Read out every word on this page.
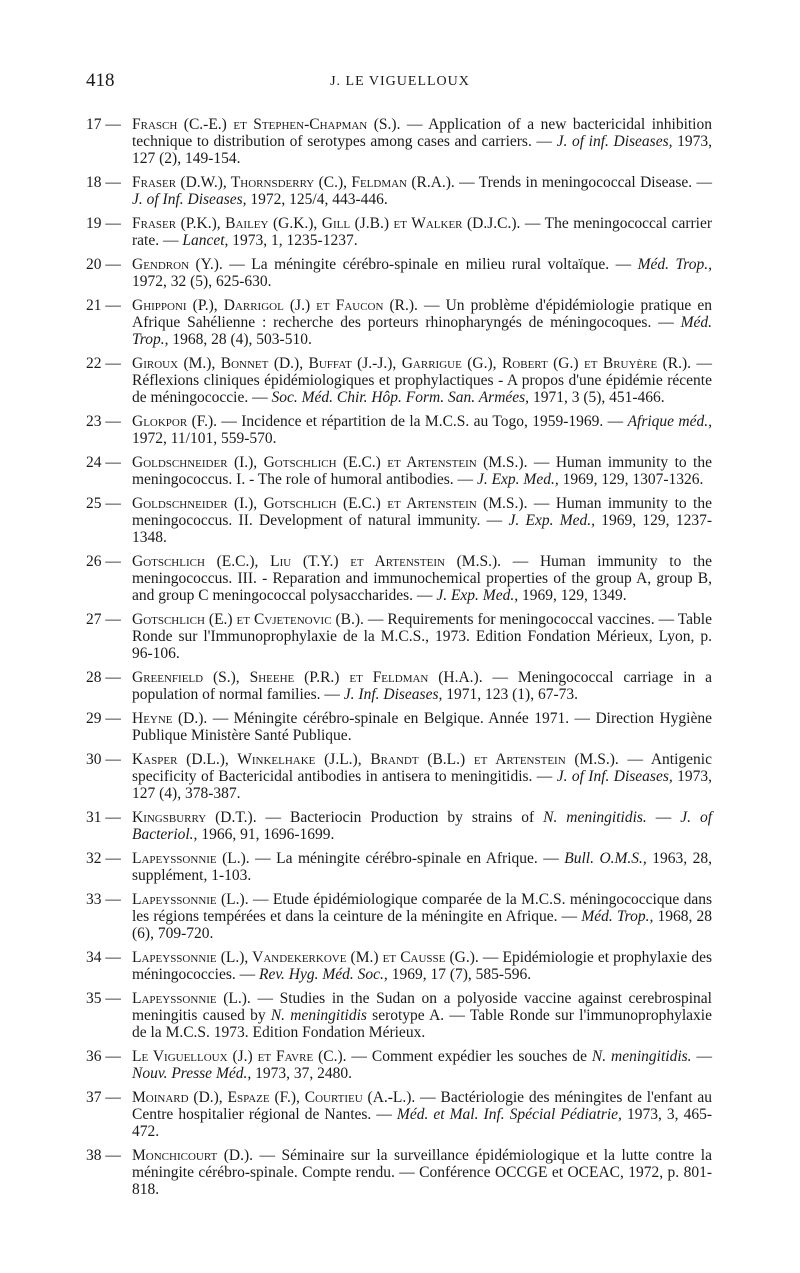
418	J. LE VIGUELLOUX
17 — Frasch (C.-E.) et Stephen-Chapman (S.). — Application of a new bactericidal inhibition technique to distribution of serotypes among cases and carriers. — J. of inf. Diseases, 1973, 127 (2), 149-154.
18 — Fraser (D.W.), Thornsderry (C.), Feldman (R.A.). — Trends in meningococcal Disease. — J. of Inf. Diseases, 1972, 125/4, 443-446.
19 — Fraser (P.K.), Bailey (G.K.), Gill (J.B.) et Walker (D.J.C.). — The meningococcal carrier rate. — Lancet, 1973, 1, 1235-1237.
20 — Gendron (Y.). — La méningite cérébro-spinale en milieu rural voltaïque. — Méd. Trop., 1972, 32 (5), 625-630.
21 — Ghipponi (P.), Darrigol (J.) et Faucon (R.). — Un problème d'épidémiologie pratique en Afrique Sahélienne : recherche des porteurs rhinopharyngés de méningocoques. — Méd. Trop., 1968, 28 (4), 503-510.
22 — Giroux (M.), Bonnet (D.), Buffat (J.-J.), Garrigue (G.), Robert (G.) et Bruyère (R.). — Réflexions cliniques épidémiologiques et prophylactiques - A propos d'une épidémie récente de méningococcie. — Soc. Méd. Chir. Hôp. Form. San. Armées, 1971, 3 (5), 451-466.
23 — Glokpor (F.). — Incidence et répartition de la M.C.S. au Togo, 1959-1969. — Afrique méd., 1972, 11/101, 559-570.
24 — Goldschneider (I.), Gotschlich (E.C.) et Artenstein (M.S.). — Human immunity to the meningococcus. I. - The role of humoral antibodies. — J. Exp. Med., 1969, 129, 1307-1326.
25 — Goldschneider (I.), Gotschlich (E.C.) et Artenstein (M.S.). — Human immunity to the meningococcus. II. Development of natural immunity. — J. Exp. Med., 1969, 129, 1237-1348.
26 — Gotschlich (E.C.), Liu (T.Y.) et Artenstein (M.S.). — Human immunity to the meningococcus. III. - Reparation and immunochemical properties of the group A, group B, and group C meningococcal polysaccharides. — J. Exp. Med., 1969, 129, 1349.
27 — Gotschlich (E.) et Cvjetenovic (B.). — Requirements for meningococcal vaccines. — Table Ronde sur l'Immunoprophylaxie de la M.C.S., 1973. Edition Fondation Mérieux, Lyon, p. 96-106.
28 — Greenfield (S.), Sheehe (P.R.) et Feldman (H.A.). — Meningococcal carriage in a population of normal families. — J. Inf. Diseases, 1971, 123 (1), 67-73.
29 — Heyne (D.). — Méningite cérébro-spinale en Belgique. Année 1971. — Direction Hygiène Publique Ministère Santé Publique.
30 — Kasper (D.L.), Winkelhake (J.L.), Brandt (B.L.) et Artenstein (M.S.). — Antigenic specificity of Bactericidal antibodies in antisera to meningitidis. — J. of Inf. Diseases, 1973, 127 (4), 378-387.
31 — Kingsburry (D.T.). — Bacteriocin Production by strains of N. meningitidis. — J. of Bacteriol., 1966, 91, 1696-1699.
32 — Lapeyssonnie (L.). — La méningite cérébro-spinale en Afrique. — Bull. O.M.S., 1963, 28, supplément, 1-103.
33 — Lapeyssonnie (L.). — Etude épidémiologique comparée de la M.C.S. méningococcique dans les régions tempérées et dans la ceinture de la méningite en Afrique. — Méd. Trop., 1968, 28 (6), 709-720.
34 — Lapeyssonnie (L.), Vandekerkove (M.) et Causse (G.). — Epidémiologie et prophylaxie des méningococcies. — Rev. Hyg. Méd. Soc., 1969, 17 (7), 585-596.
35 — Lapeyssonnie (L.). — Studies in the Sudan on a polyoside vaccine against cerebrospinal meningitis caused by N. meningitidis serotype A. — Table Ronde sur l'immunoprophylaxie de la M.C.S. 1973. Edition Fondation Mérieux.
36 — Le Viguelloux (J.) et Favre (C.). — Comment expédier les souches de N. meningitidis. — Nouv. Presse Méd., 1973, 37, 2480.
37 — Moinard (D.), Espaze (F.), Courtieu (A.-L.). — Bactériologie des méningites de l'enfant au Centre hospitalier régional de Nantes. — Méd. et Mal. Inf. Spécial Pédiatrie, 1973, 3, 465-472.
38 — Monchicourt (D.). — Séminaire sur la surveillance épidémiologique et la lutte contre la méningite cérébro-spinale. Compte rendu. — Conférence OCCGE et OCEAC, 1972, p. 801-818.
